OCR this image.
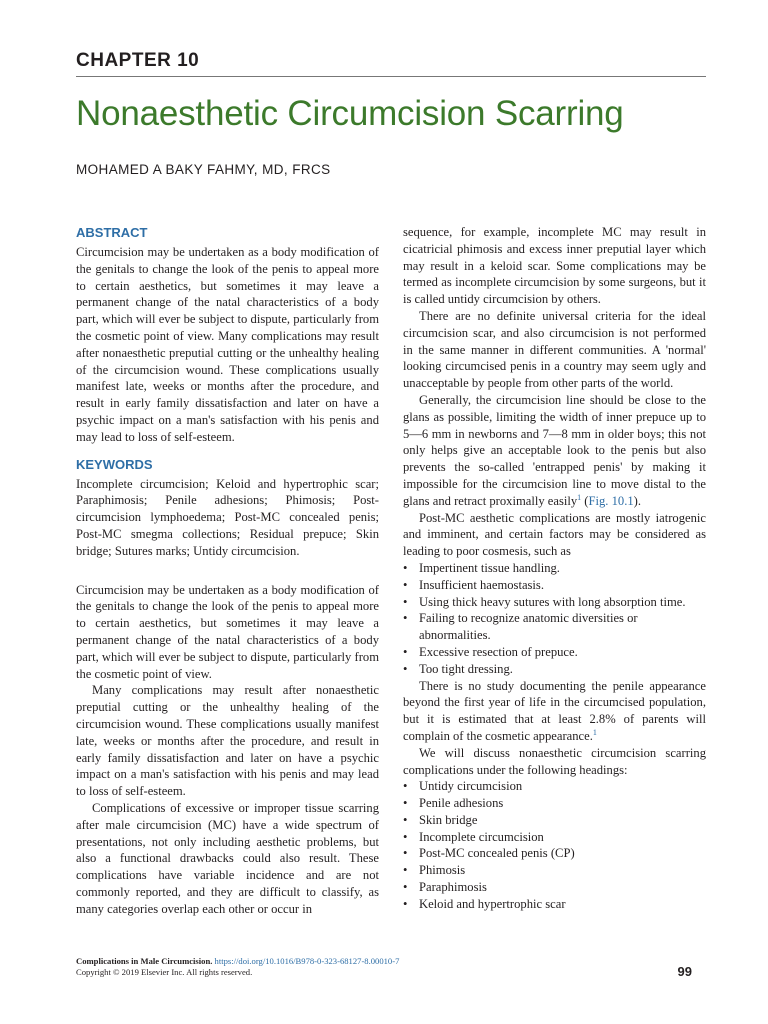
CHAPTER 10
Nonaesthetic Circumcision Scarring
MOHAMED A BAKY FAHMY, MD, FRCS
ABSTRACT

Circumcision may be undertaken as a body modification of the genitals to change the look of the penis to appeal more to certain aesthetics, but sometimes it may leave a permanent change of the natal characteristics of a body part, which will ever be subject to dispute, particularly from the cosmetic point of view. Many complications may result after nonaesthetic preputial cutting or the unhealthy healing of the circumcision wound. These complications usually manifest late, weeks or months after the procedure, and result in early family dissatisfaction and later on have a psychic impact on a man's satisfaction with his penis and may lead to loss of self-esteem.

KEYWORDS

Incomplete circumcision; Keloid and hypertrophic scar; Paraphimosis; Penile adhesions; Phimosis; Post-circumcision lymphoedema; Post-MC concealed penis; Post-MC smegma collections; Residual prepuce; Skin bridge; Sutures marks; Untidy circumcision.

Circumcision may be undertaken as a body modification of the genitals to change the look of the penis to appeal more to certain aesthetics, but sometimes it may leave a permanent change of the natal characteristics of a body part, which will ever be subject to dispute, particularly from the cosmetic point of view.

Many complications may result after nonaesthetic preputial cutting or the unhealthy healing of the circumcision wound. These complications usually manifest late, weeks or months after the procedure, and result in early family dissatisfaction and later on have a psychic impact on a man's satisfaction with his penis and may lead to loss of self-esteem.

Complications of excessive or improper tissue scarring after male circumcision (MC) have a wide spectrum of presentations, not only including aesthetic problems, but also a functional drawbacks could also result. These complications have variable incidence and are not commonly reported, and they are difficult to classify, as many categories overlap each other or occur in

sequence, for example, incomplete MC may result in cicatricial phimosis and excess inner preputial layer which may result in a keloid scar. Some complications may be termed as incomplete circumcision by some surgeons, but it is called untidy circumcision by others.

There are no definite universal criteria for the ideal circumcision scar, and also circumcision is not performed in the same manner in different communities. A 'normal' looking circumcised penis in a country may seem ugly and unacceptable by people from other parts of the world.

Generally, the circumcision line should be close to the glans as possible, limiting the width of inner prepuce up to 5—6 mm in newborns and 7—8 mm in older boys; this not only helps give an acceptable look to the penis but also prevents the so-called 'entrapped penis' by making it impossible for the circumcision line to move distal to the glans and retract proximally easily$^1$ (Fig. 10.1).

Post-MC aesthetic complications are mostly iatrogenic and imminent, and certain factors may be considered as leading to poor cosmesis, such as

• Impertinent tissue handling.
• Insufficient haemostasis.
• Using thick heavy sutures with long absorption time.
• Failing to recognize anatomic diversities or abnormalities.
• Excessive resection of prepuce.
• Too tight dressing.

There is no study documenting the penile appearance beyond the first year of life in the circumcised population, but it is estimated that at least 2.8% of parents will complain of the cosmetic appearance.$^1$

We will discuss nonaesthetic circumcision scarring complications under the following headings:

• Untidy circumcision
• Penile adhesions
• Skin bridge
• Incomplete circumcision
• Post-MC concealed penis (CP)
• Phimosis
• Paraphimosis
• Keloid and hypertrophic scar
Complications in Male Circumcision. https://doi.org/10.1016/B978-0-323-68127-8.00010-7
Copyright © 2019 Elsevier Inc. All rights reserved.	99
